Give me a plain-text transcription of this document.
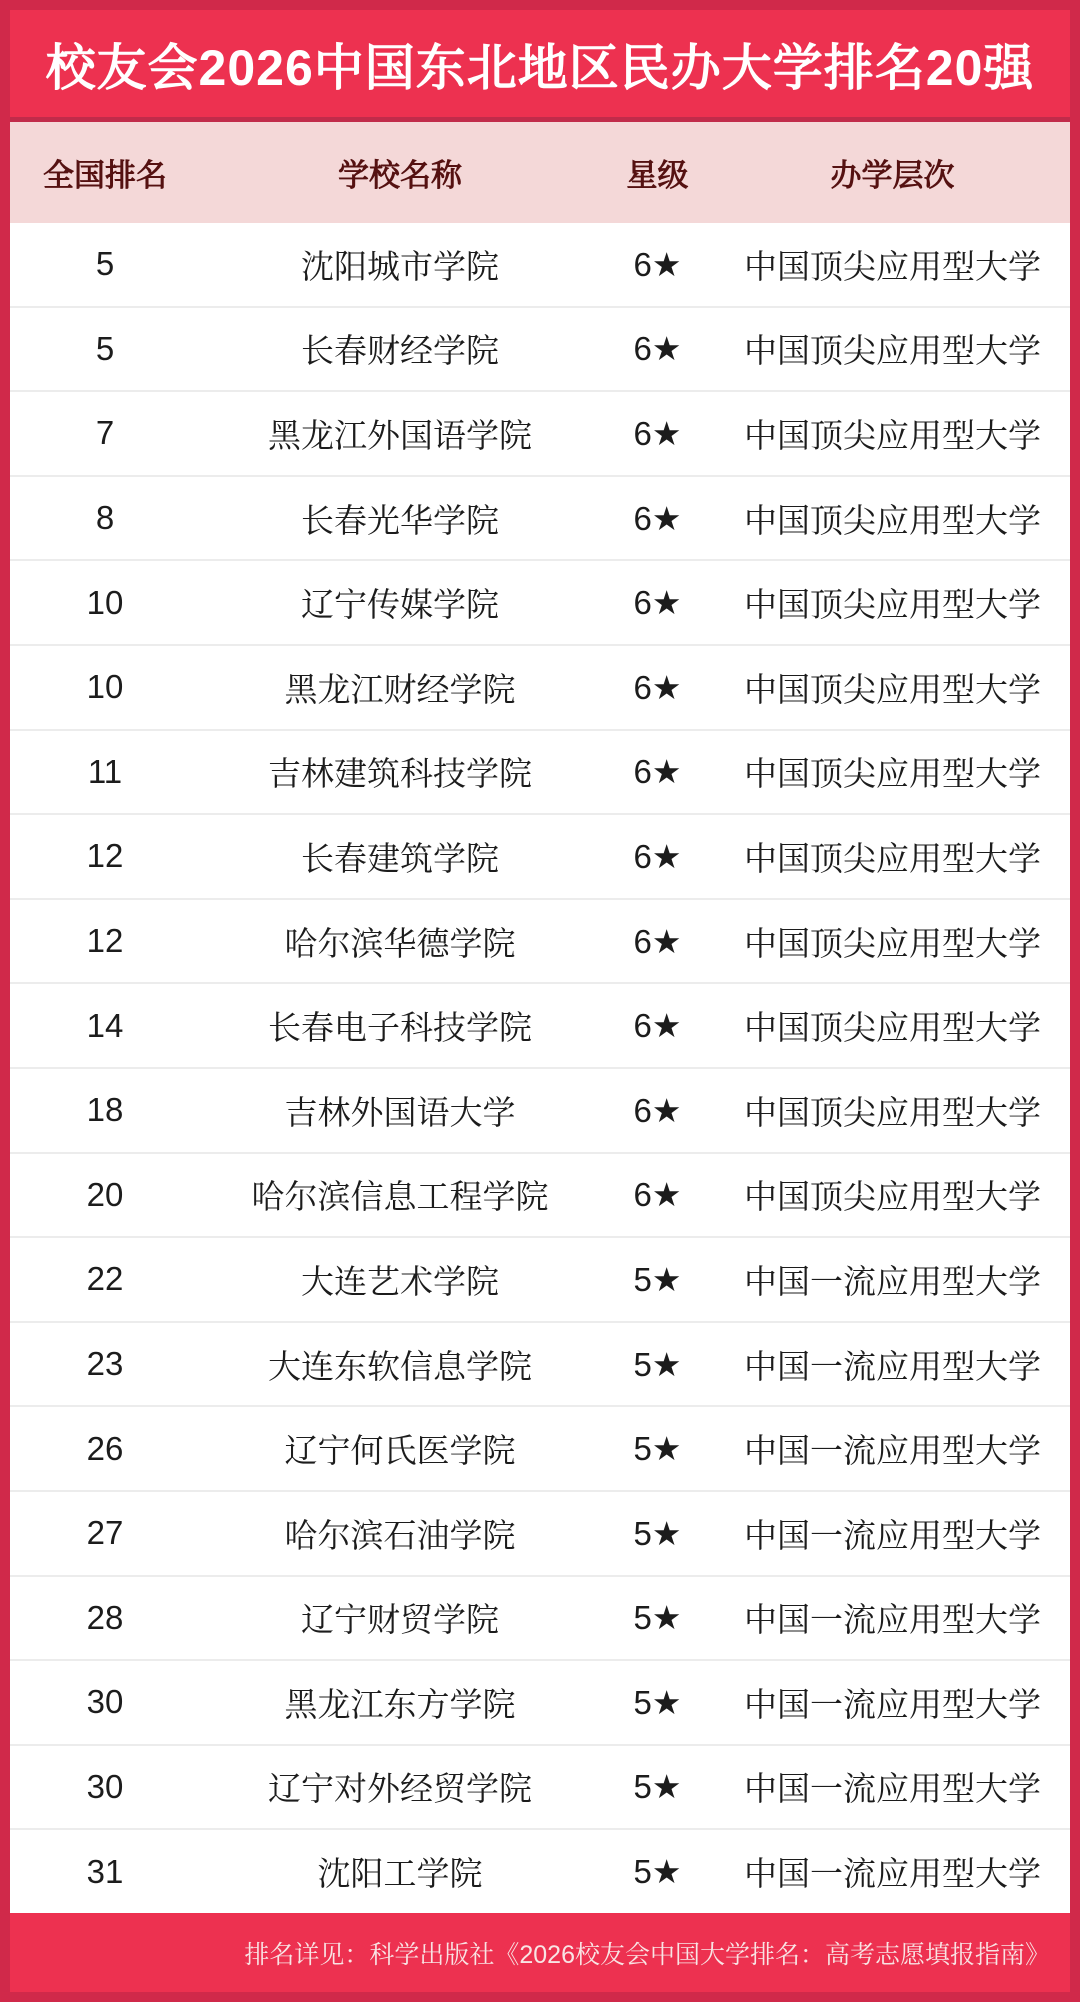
校友会2026中国东北地区民办大学排名20强
全国排名	学校名称	星级	办学层次
5	沈阳城市学院	6★	中国顶尖应用型大学
5	长春财经学院	6★	中国顶尖应用型大学
7	黑龙江外国语学院	6★	中国顶尖应用型大学
8	长春光华学院	6★	中国顶尖应用型大学
10	辽宁传媒学院	6★	中国顶尖应用型大学
10	黑龙江财经学院	6★	中国顶尖应用型大学
11	吉林建筑科技学院	6★	中国顶尖应用型大学
12	长春建筑学院	6★	中国顶尖应用型大学
12	哈尔滨华德学院	6★	中国顶尖应用型大学
14	长春电子科技学院	6★	中国顶尖应用型大学
18	吉林外国语大学	6★	中国顶尖应用型大学
20	哈尔滨信息工程学院	6★	中国顶尖应用型大学
22	大连艺术学院	5★	中国一流应用型大学
23	大连东软信息学院	5★	中国一流应用型大学
26	辽宁何氏医学院	5★	中国一流应用型大学
27	哈尔滨石油学院	5★	中国一流应用型大学
28	辽宁财贸学院	5★	中国一流应用型大学
30	黑龙江东方学院	5★	中国一流应用型大学
30	辽宁对外经贸学院	5★	中国一流应用型大学
31	沈阳工学院	5★	中国一流应用型大学

排名详见：科学出版社《2026校友会中国大学排名：高考志愿填报指南》
